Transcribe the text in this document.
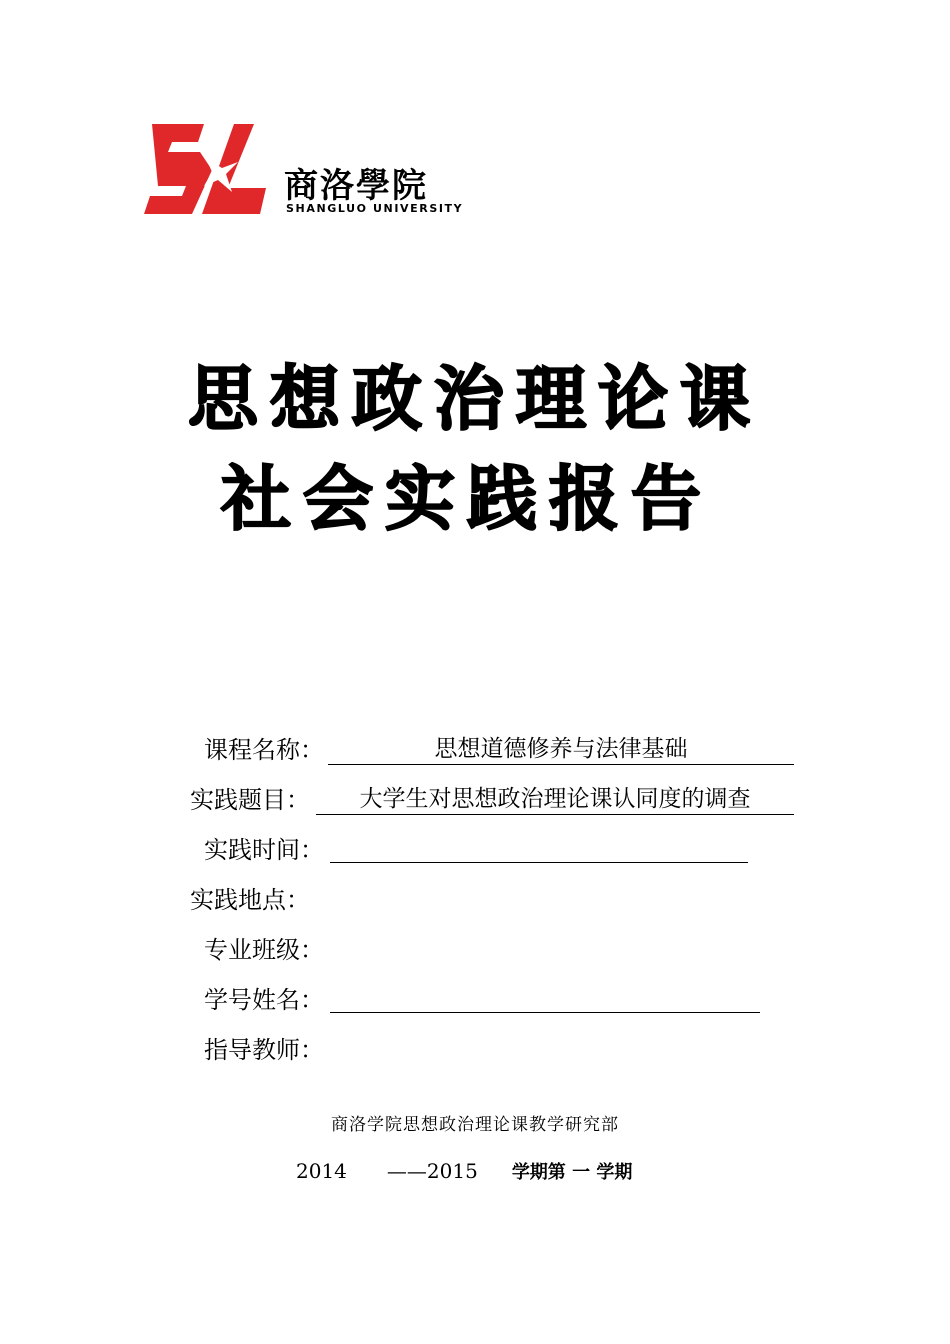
商洛學院
SHANGLUO UNIVERSITY
思想政治理论课
社会实践报告
课程名称：	思想道德修养与法律基础
实践题目：	大学生对思想政治理论课认同度的调查
实践时间：
实践地点：
专业班级：
学号姓名：
指导教师：
商洛学院思想政治理论课教学研究部
2014 ——2015 学期第 一 学期
